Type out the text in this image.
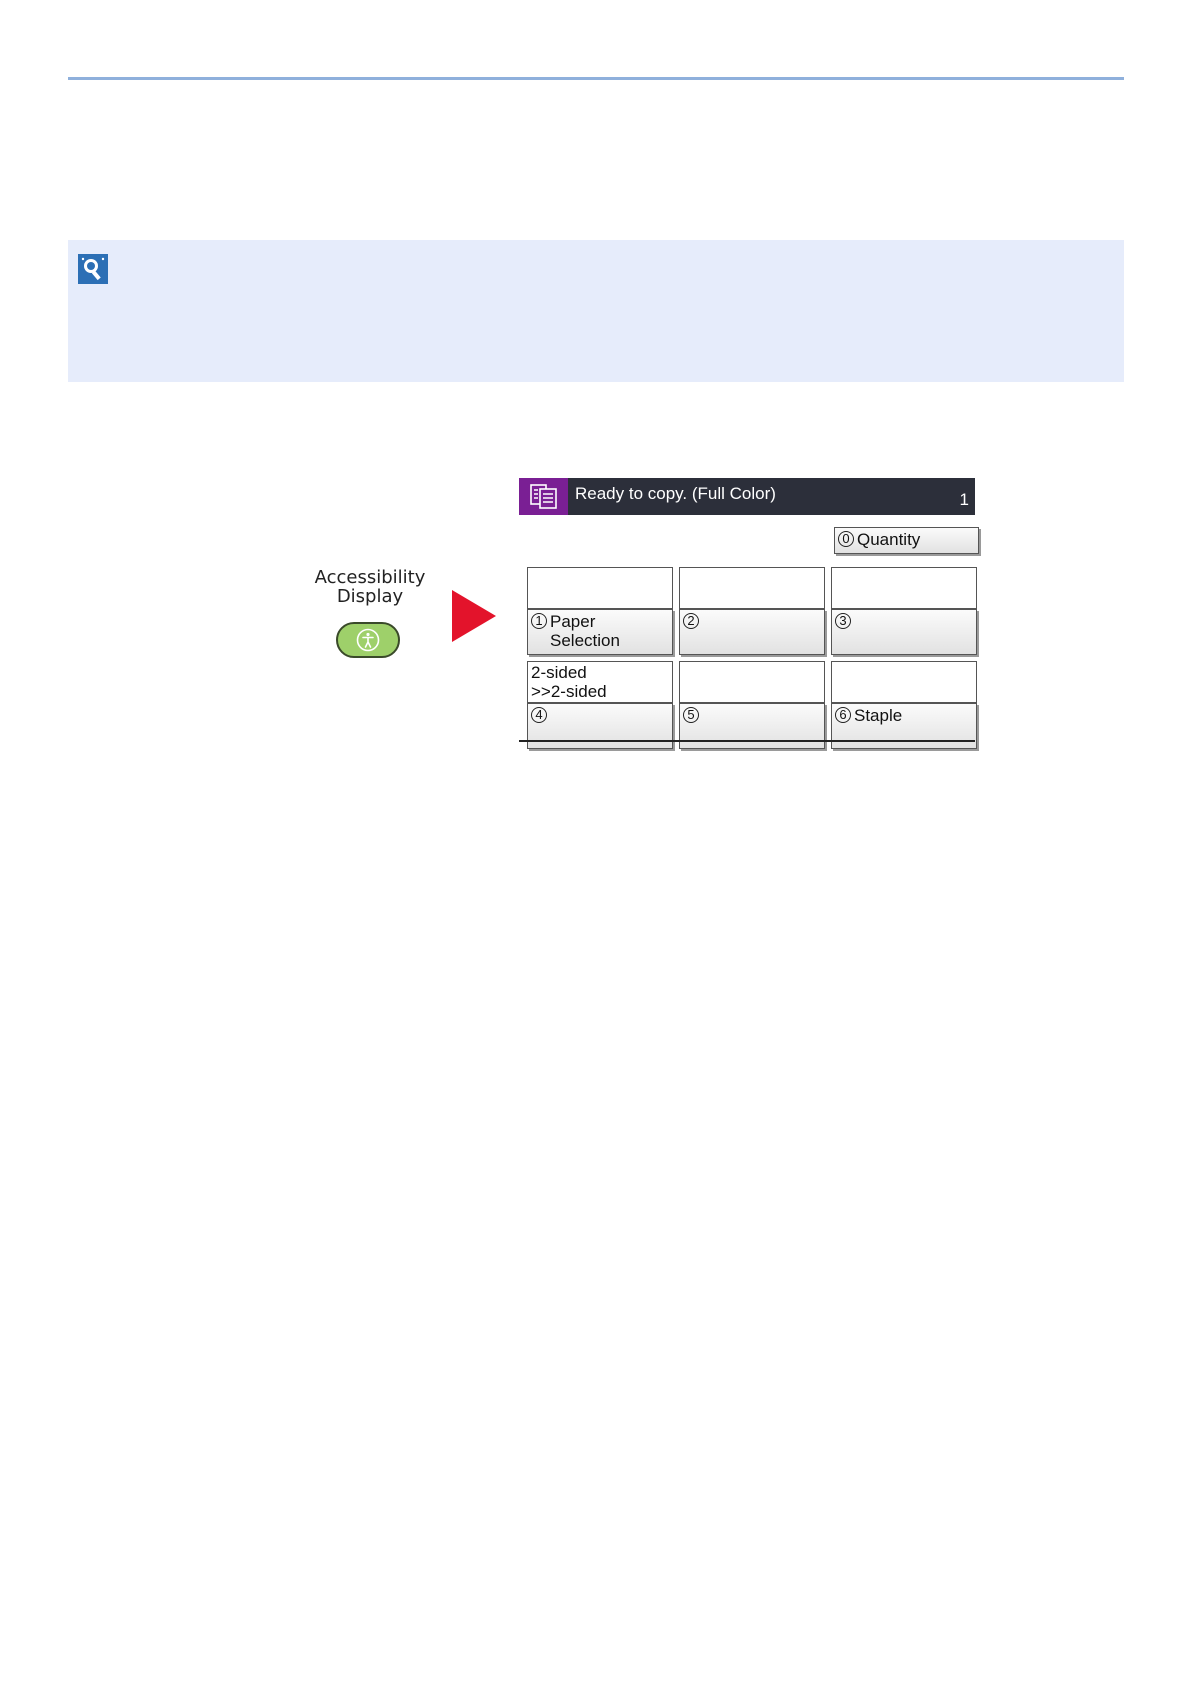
Accessibility
Display
Ready to copy. (Full Color)	1
0 Quantity
1 Paper
Selection
2	3
2-sided
>>2-sided
4	5	6 Staple
